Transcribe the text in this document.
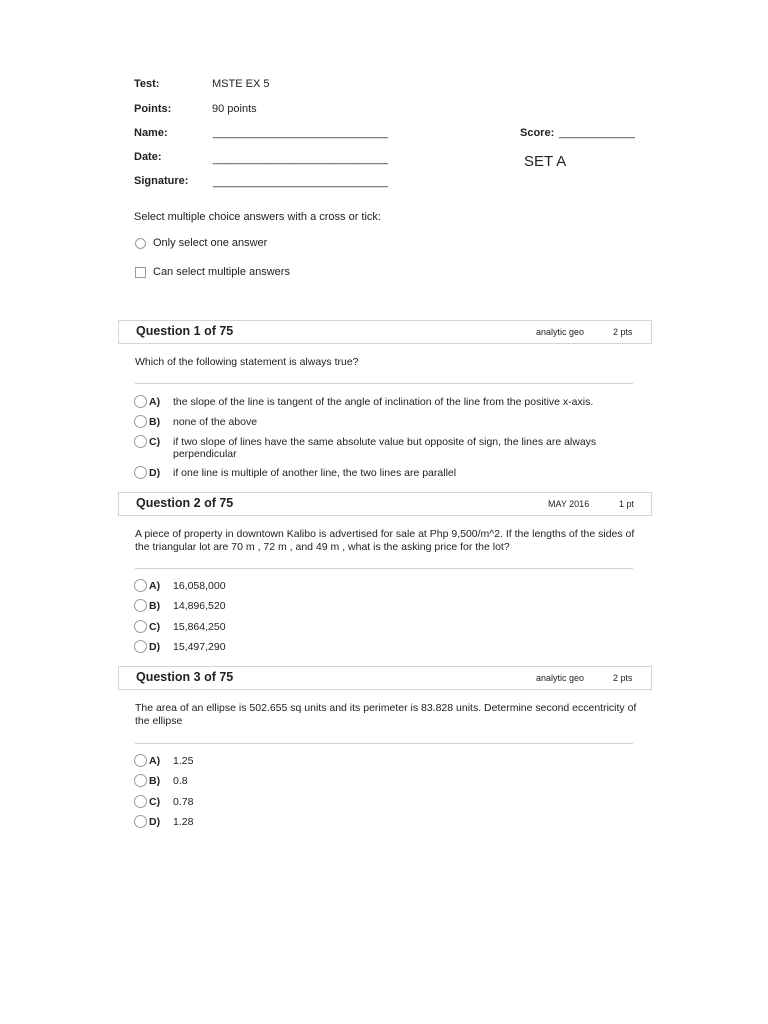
Test:	MSTE EX 5
Points:	90 points
Name:	______________________________	Score: _____________
Date:	______________________________	SET A
Signature: ______________________________
Select multiple choice answers with a cross or tick:
Only select one answer
Can select multiple answers
Question 1 of 75	analytic geo	2 pts
Which of the following statement is always true?
A)	the slope of the line is tangent of the angle of inclination of the line from the positive x-axis.
B)	none of the above
C)	if two slope of lines have the same absolute value but opposite of sign, the lines are always perpendicular
D)	if one line is multiple of another line, the two lines are parallel
Question 2 of 75	MAY 2016	1 pt
A piece of property in downtown Kalibo is advertised for sale at Php 9,500/m^2. If the lengths of the sides of the triangular lot are 70 m , 72 m , and 49 m , what is the asking price for the lot?
A)	16,058,000
B)	14,896,520
C)	15,864,250
D)	15,497,290
Question 3 of 75	analytic geo	2 pts
The area of an ellipse is 502.655 sq units and its perimeter is 83.828 units. Determine second eccentricity of the ellipse
A)	1.25
B)	0.8
C)	0.78
D)	1.28
